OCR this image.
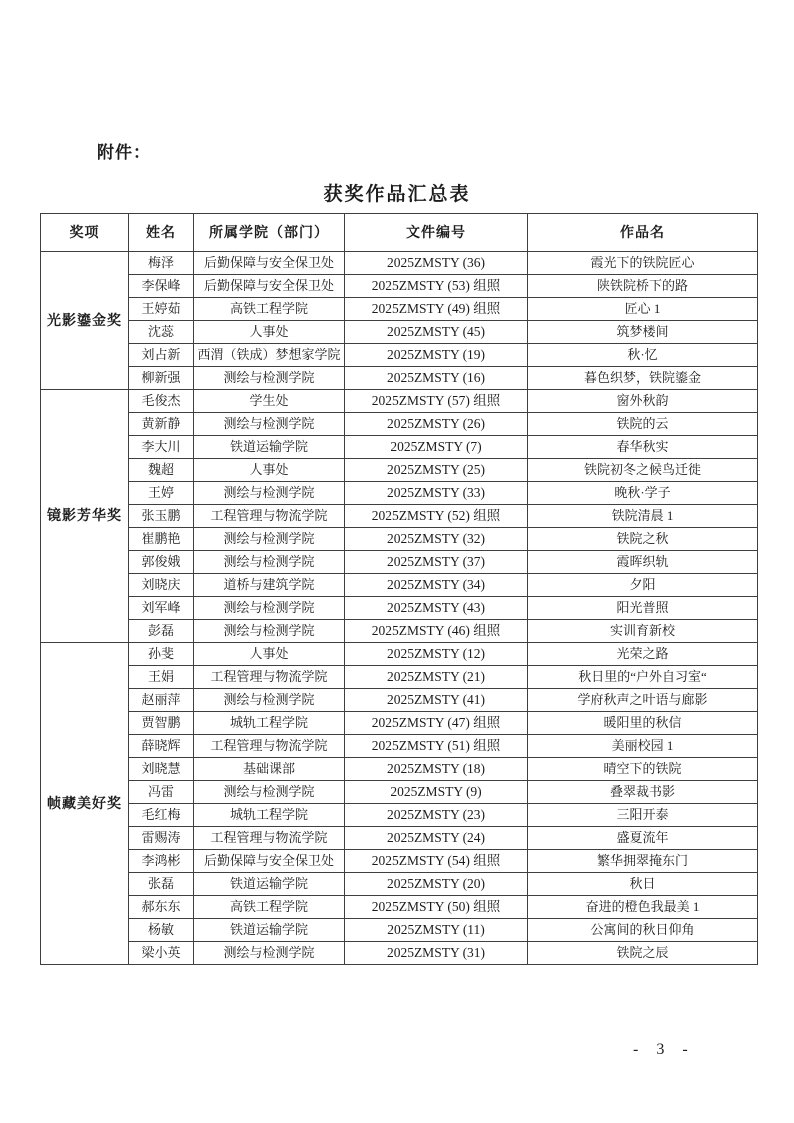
附件：
获奖作品汇总表
奖项	姓名	所属学院（部门）	文件编号	作品名
光影鎏金奖	梅泽	后勤保障与安全保卫处	2025ZMSTY (36)	霞光下的铁院匠心
	李保峰	后勤保障与安全保卫处	2025ZMSTY (53) 组照	陕铁院桥下的路
	王婷茹	高铁工程学院	2025ZMSTY (49) 组照	匠心 1
	沈蕊	人事处	2025ZMSTY (45)	筑梦楼间
	刘占新	西渭（铁成）梦想家学院	2025ZMSTY (19)	秋·忆
	柳新强	测绘与检测学院	2025ZMSTY (16)	暮色织梦，铁院鎏金
镜影芳华奖	毛俊杰	学生处	2025ZMSTY (57) 组照	窗外秋韵
	黄新静	测绘与检测学院	2025ZMSTY (26)	铁院的云
	李大川	铁道运输学院	2025ZMSTY (7)	春华秋实
	魏超	人事处	2025ZMSTY (25)	铁院初冬之候鸟迁徙
	王婷	测绘与检测学院	2025ZMSTY (33)	晚秋·学子
	张玉鹏	工程管理与物流学院	2025ZMSTY (52) 组照	铁院清晨 1
	崔鹏艳	测绘与检测学院	2025ZMSTY (32)	铁院之秋
	郭俊娥	测绘与检测学院	2025ZMSTY (37)	霞晖织轨
	刘晓庆	道桥与建筑学院	2025ZMSTY (34)	夕阳
	刘军峰	测绘与检测学院	2025ZMSTY (43)	阳光普照
	彭磊	测绘与检测学院	2025ZMSTY (46) 组照	实训育新校
帧藏美好奖	孙斐	人事处	2025ZMSTY (12)	光荣之路
	王娟	工程管理与物流学院	2025ZMSTY (21)	秋日里的“户外自习室“
	赵丽萍	测绘与检测学院	2025ZMSTY (41)	学府秋声之叶语与廊影
	贾智鹏	城轨工程学院	2025ZMSTY (47) 组照	暖阳里的秋信
	薛晓辉	工程管理与物流学院	2025ZMSTY (51) 组照	美丽校园 1
	刘晓慧	基础课部	2025ZMSTY (18)	晴空下的铁院
	冯雷	测绘与检测学院	2025ZMSTY (9)	叠翠裁书影
	毛红梅	城轨工程学院	2025ZMSTY (23)	三阳开泰
	雷赐涛	工程管理与物流学院	2025ZMSTY (24)	盛夏流年
	李鸿彬	后勤保障与安全保卫处	2025ZMSTY (54) 组照	繁华拥翠掩东门
	张磊	铁道运输学院	2025ZMSTY (20)	秋日
	郝东东	高铁工程学院	2025ZMSTY (50) 组照	奋进的橙色我最美 1
	杨敏	铁道运输学院	2025ZMSTY (11)	公寓间的秋日仰角
	梁小英	测绘与检测学院	2025ZMSTY (31)	铁院之辰
- 3 -
